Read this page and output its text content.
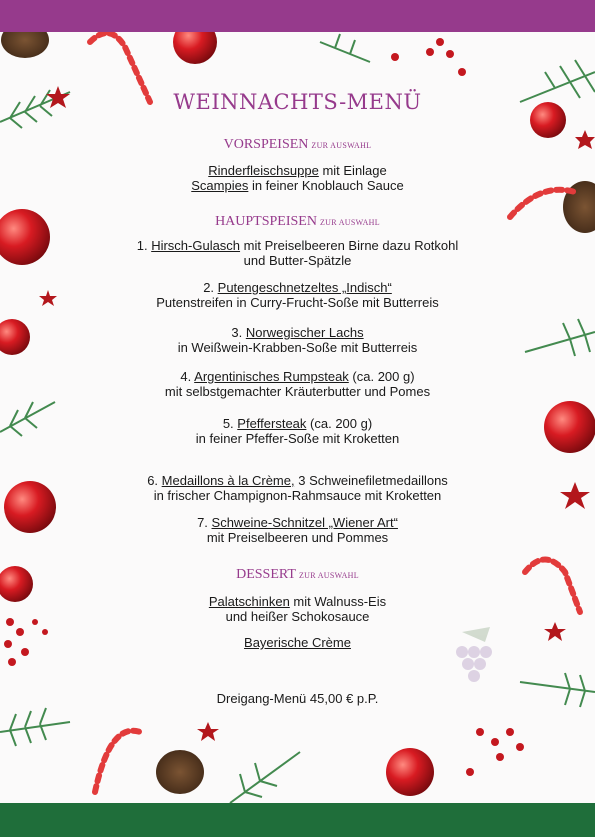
WEINNACHTS-MENÜ
VORSPEISEN ZUR AUSWAHL
Rinderfleischsuppe mit Einlage
Scampies in feiner Knoblauch Sauce
HAUPTSPEISEN ZUR AUSWAHL
1. Hirsch-Gulasch mit Preiselbeeren Birne dazu Rotkohl
und Butter-Spätzle
2. Putengeschnetzeltes „Indisch“
Putenstreifen in Curry-Frucht-Soße mit Butterreis
3. Norwegischer Lachs
in Weißwein-Krabben-Soße mit Butterreis
4. Argentinisches Rumpsteak (ca. 200 g)
mit selbstgemachter Kräuterbutter und Pomes
5. Pfeffersteak (ca. 200 g)
in feiner Pfeffer-Soße mit Kroketten
6. Medaillons à la Crème, 3 Schweinefiletmedaillons
in frischer Champignon-Rahmsauce mit Kroketten
7. Schweine-Schnitzel „Wiener Art“
mit Preiselbeeren und Pommes
DESSERT ZUR AUSWAHL
Palatschinken mit Walnuss-Eis
und heißer Schokosauce
Bayerische Crème
Dreigang-Menü 45,00 € p.P.
